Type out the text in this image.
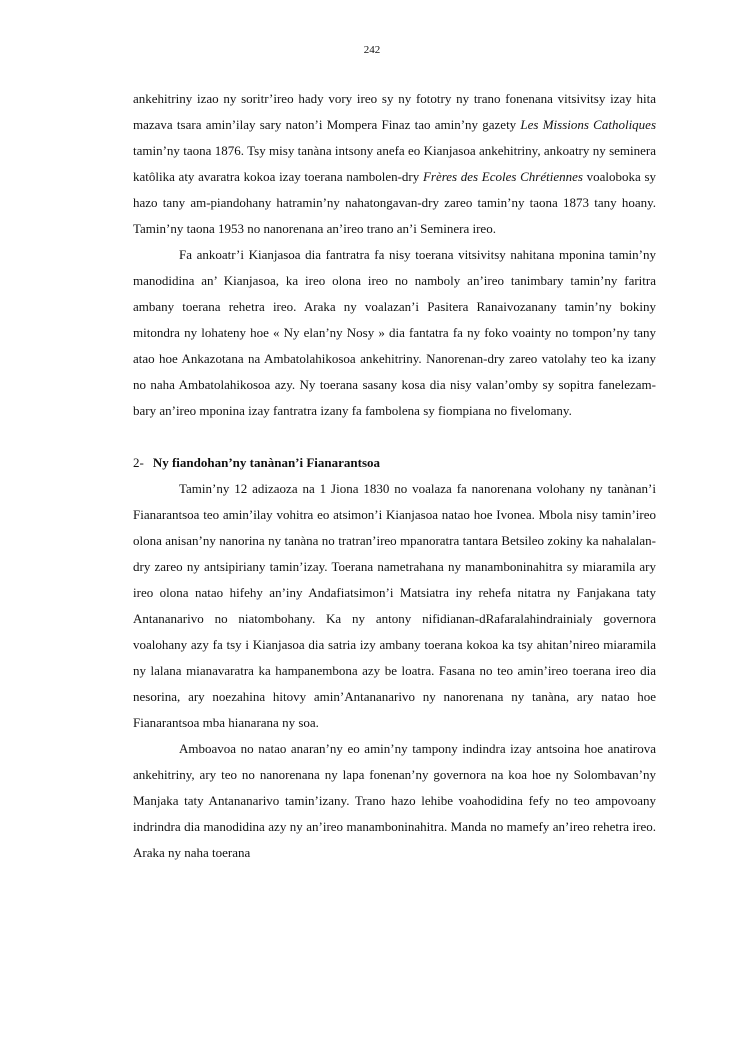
242

ankehitriny izao ny soritr’ireo hady vory ireo sy ny fototry ny trano fonenana vitsivitsy izay hita mazava tsara amin’ilay sary naton’i Mompera Finaz tao amin’ny gazety Les Missions Catholiques tamin’ny taona 1876. Tsy misy tanàna intsony anefa eo Kianjasoa ankehitriny, ankoatry ny seminera katôlika aty avaratra kokoa izay toerana nambolen-dry Frères des Ecoles Chrétiennes voaloboka sy hazo tany am-piandohany hatramin’ny nahatongavan-dry zareo tamin’ny taona 1873 tany hoany. Tamin’ny taona 1953 no nanorenana an’ireo trano an’i Seminera ireo.

Fa ankoatr’i Kianjasoa dia fantratra fa nisy toerana vitsivitsy nahitana mponina tamin’ny manodidina an’ Kianjasoa, ka ireo olona ireo no namboly an’ireo tanimbary tamin’ny faritra ambany toerana rehetra ireo. Araka ny voalazan’i Pasitera Ranaivozanany tamin’ny bokiny mitondra ny lohateny hoe « Ny elan’ny Nosy » dia fantatra fa ny foko voainty no tompon’ny tany atao hoe Ankazotana na Ambatolahikosoa ankehitriny. Nanorenan-dry zareo vatolahy teo ka izany no naha Ambatolahikosoa azy. Ny toerana sasany kosa dia nisy valan’omby sy sopitra fanelezam-bary an’ireo mponina izay fantratra izany fa fambolena sy fiompiana no fivelomany.

2- Ny fiandohan’ny tanànan’i Fianarantsoa

Tamin’ny 12 adizaoza na 1 Jiona 1830 no voalaza fa nanorenana volohany ny tanànan’i Fianarantsoa teo amin’ilay vohitra eo atsimon’i Kianjasoa natao hoe Ivonea. Mbola nisy tamin’ireo olona anisan’ny nanorina ny tanàna no tratran’ireo mpanoratra tantara Betsileo zokiny ka nahalalan-dry zareo ny antsipiriany tamin’izay. Toerana nametrahana ny manamboninahitra sy miaramila ary ireo olona natao hifehy an’iny Andafiatsimon’i Matsiatra iny rehefa nitatra ny Fanjakana taty Antananarivo no niatombohany. Ka ny antony nifidianan-dRafaralahindrainialy governora voalohany azy fa tsy i Kianjasoa dia satria izy ambany toerana kokoa ka tsy ahitan’nireo miaramila ny lalana mianavaratra ka hampanembona azy be loatra. Fasana no teo amin’ireo toerana ireo dia nesorina, ary noezahina hitovy amin’Antananarivo ny nanorenana ny tanàna, ary natao hoe Fianarantsoa mba hianarana ny soa.

Amboavoa no natao anaran’ny eo amin’ny tampony indindra izay antsoina hoe anatirova ankehitriny, ary teo no nanorenana ny lapa fonenan’ny governora na koa hoe ny Solombavan’ny Manjaka taty Antananarivo tamin’izany. Trano hazo lehibe voahodidina fefy no teo ampovoany indrindra dia manodidina azy ny an’ireo manamboninahitra. Manda no mamefy an’ireo rehetra ireo. Araka ny naha toerana
